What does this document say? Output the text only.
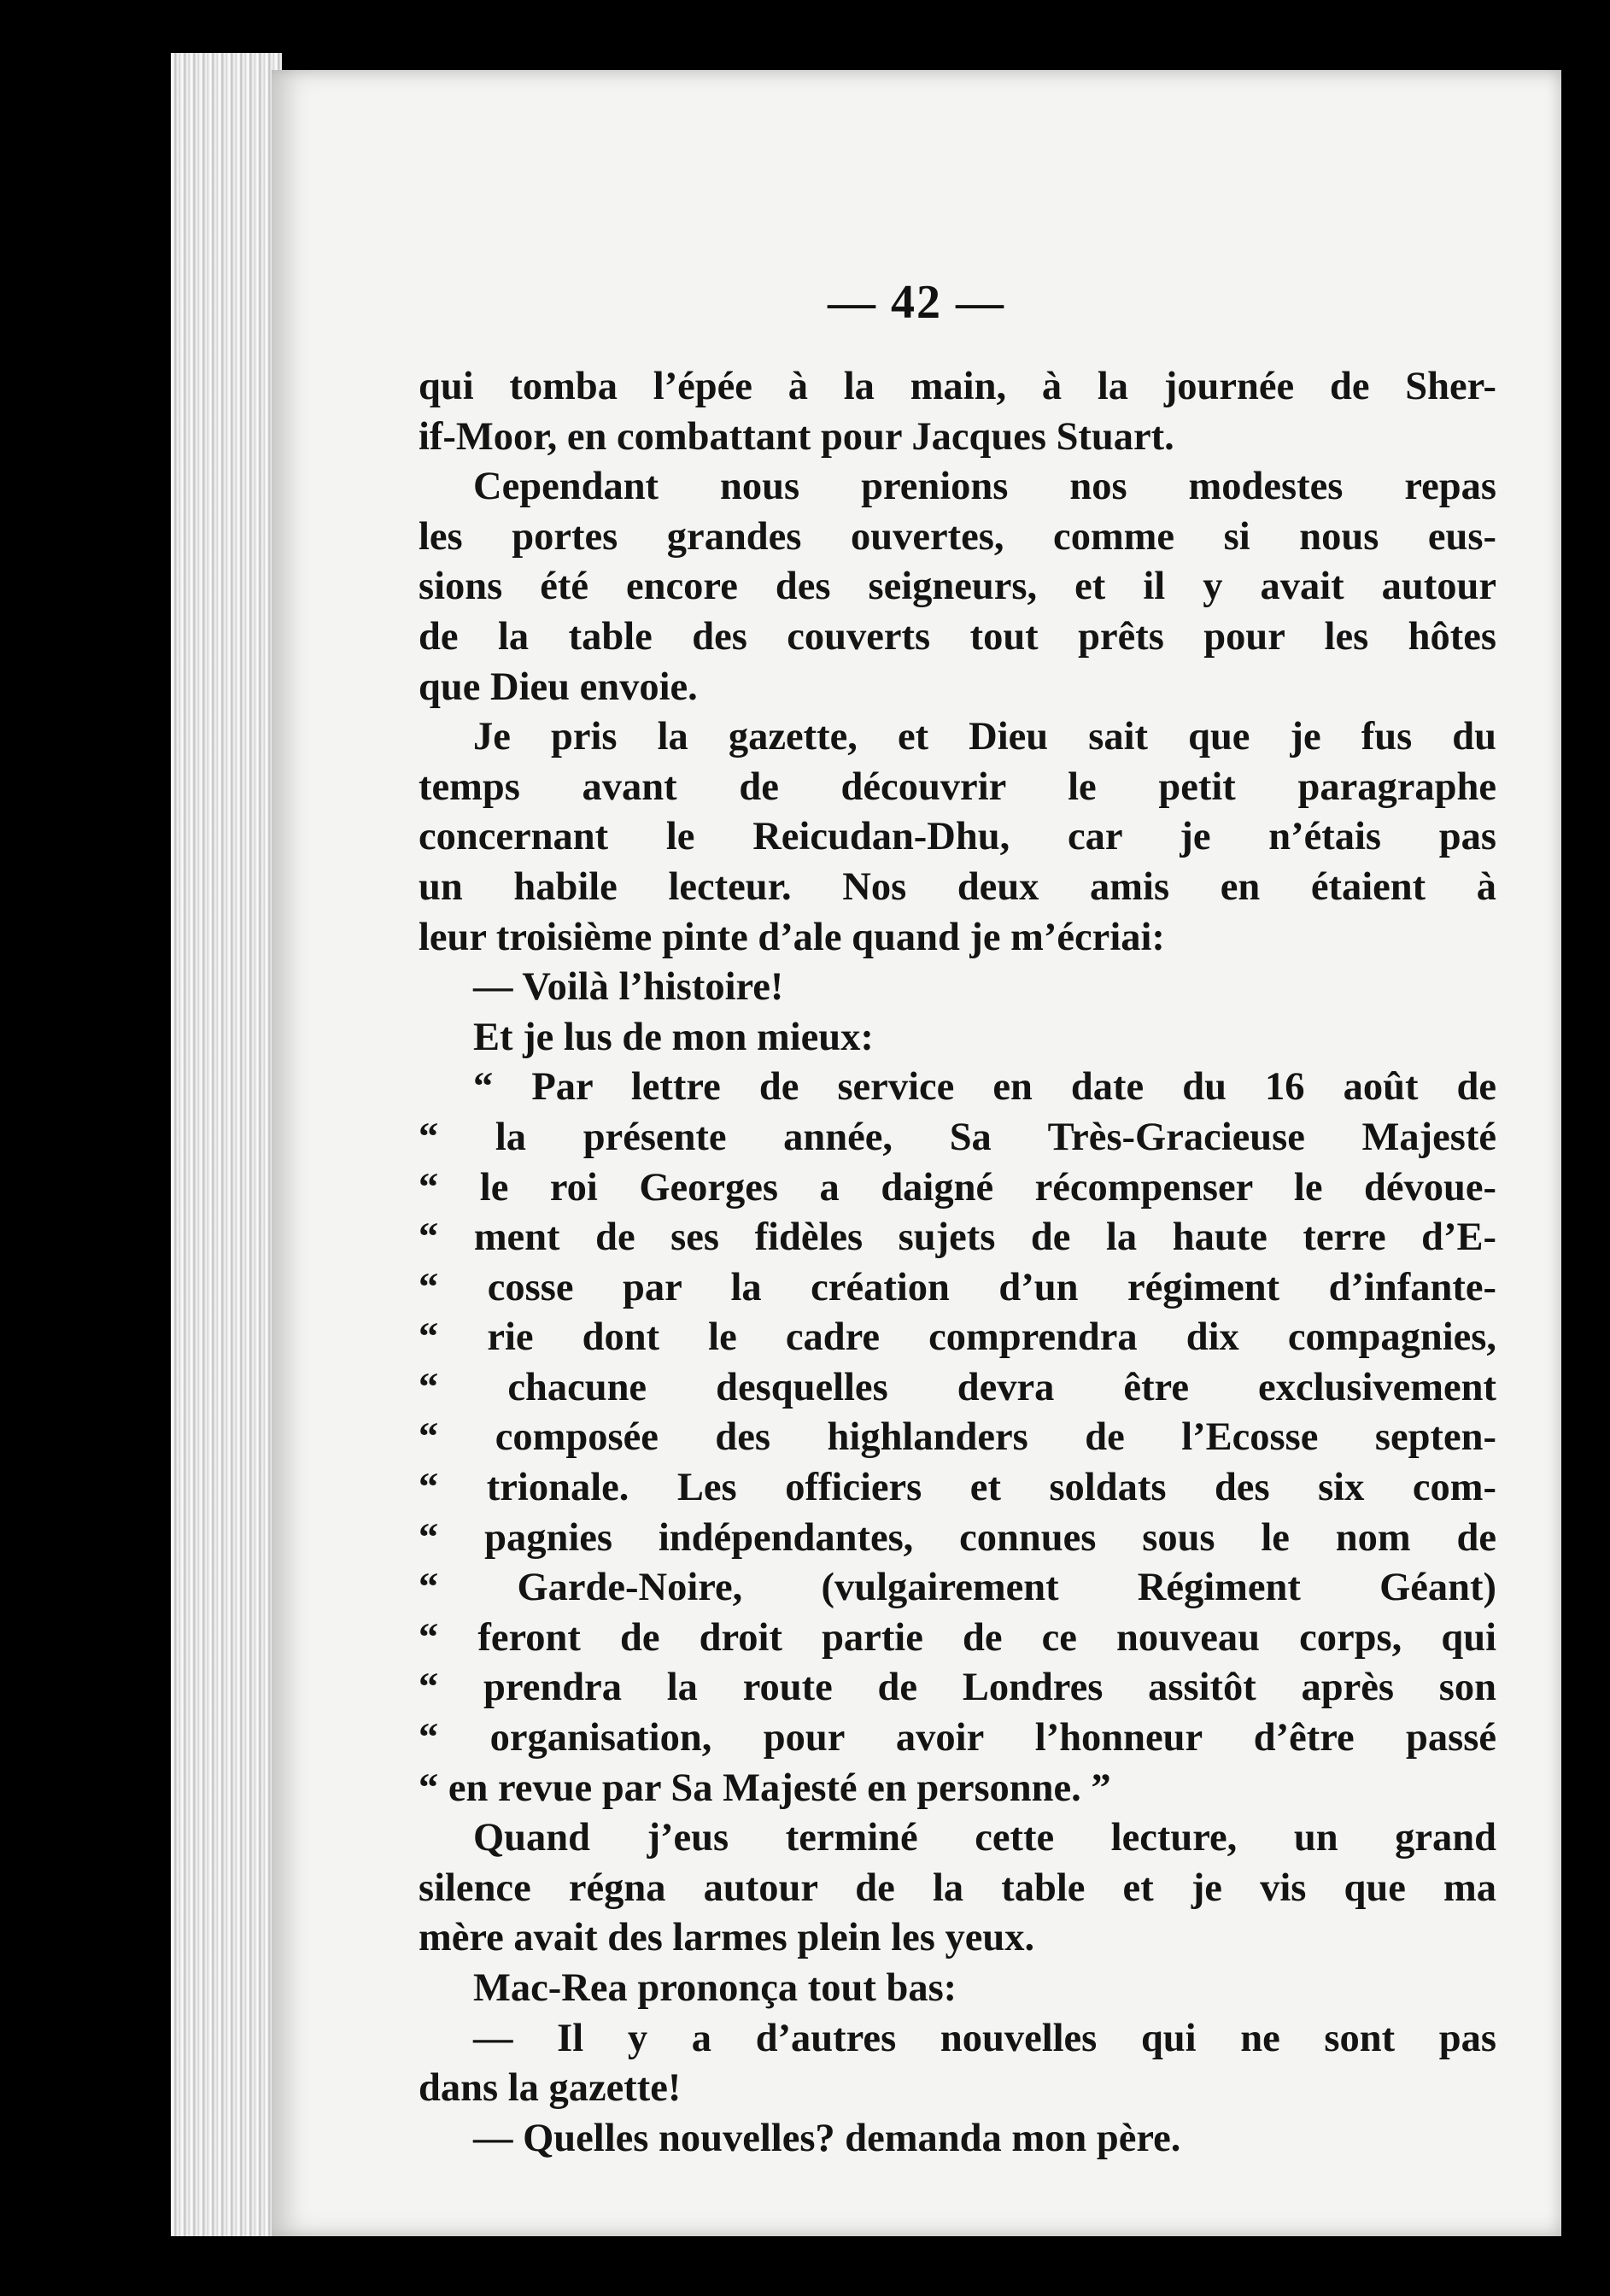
— 42 —
qui tomba l’épée à la main, à la journée de Sher-
if-Moor, en combattant pour Jacques Stuart.
Cependant nous prenions nos modestes repas
les portes grandes ouvertes, comme si nous eus-
sions été encore des seigneurs, et il y avait autour
de la table des couverts tout prêts pour les hôtes
que Dieu envoie.
Je pris la gazette, et Dieu sait que je fus du
temps avant de découvrir le petit paragraphe
concernant le Reicudan-Dhu, car je n’étais pas
un habile lecteur. Nos deux amis en étaient à
leur troisième pinte d’ale quand je m’écriai:
— Voilà l’histoire!
Et je lus de mon mieux:
“ Par lettre de service en date du 16 août de
“ la présente année, Sa Très-Gracieuse Majesté
“ le roi Georges a daigné récompenser le dévoue-
“ ment de ses fidèles sujets de la haute terre d’E-
“ cosse par la création d’un régiment d’infante-
“ rie dont le cadre comprendra dix compagnies,
“ chacune desquelles devra être exclusivement
“ composée des highlanders de l’Ecosse septen-
“ trionale. Les officiers et soldats des six com-
“ pagnies indépendantes, connues sous le nom de
“ Garde-Noire, (vulgairement Régiment Géant)
“ feront de droit partie de ce nouveau corps, qui
“ prendra la route de Londres assitôt après son
“ organisation, pour avoir l’honneur d’être passé
“ en revue par Sa Majesté en personne. ”
Quand j’eus terminé cette lecture, un grand
silence régna autour de la table et je vis que ma
mère avait des larmes plein les yeux.
Mac-Rea prononça tout bas:
— Il y a d’autres nouvelles qui ne sont pas
dans la gazette!
— Quelles nouvelles? demanda mon père.
